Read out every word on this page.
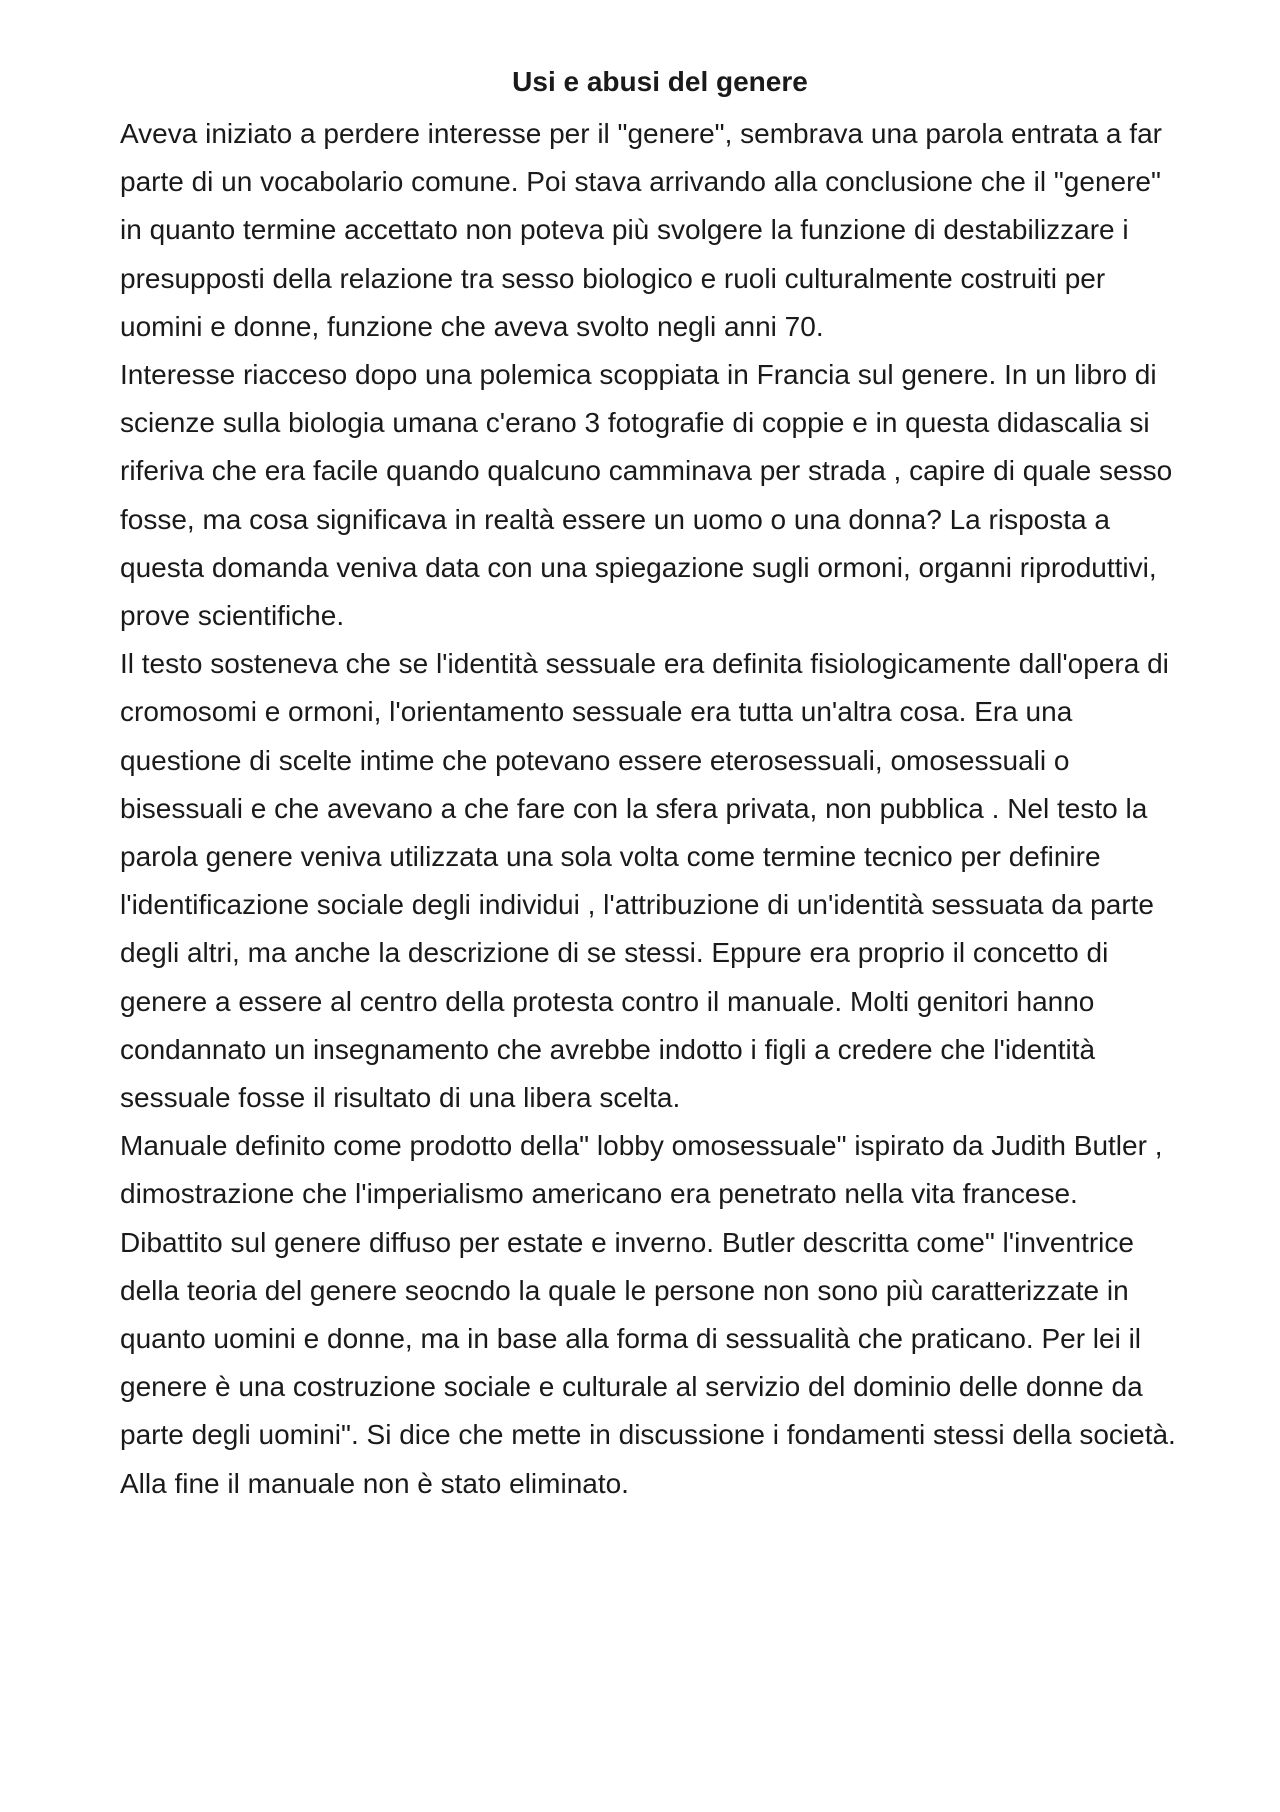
Usi e abusi del genere

Aveva iniziato a perdere interesse per il "genere", sembrava una parola entrata a far parte di un vocabolario comune. Poi stava arrivando alla conclusione che il "genere" in quanto termine accettato non poteva più svolgere la funzione di destabilizzare i presupposti della relazione tra sesso biologico e ruoli culturalmente costruiti per uomini e donne, funzione che aveva svolto negli anni 70.

Interesse riacceso dopo una polemica scoppiata in Francia sul genere. In un libro di scienze sulla biologia umana c'erano 3 fotografie di coppie e in questa didascalia si riferiva che era facile quando qualcuno camminava per strada , capire di quale sesso fosse, ma cosa significava in realtà essere un uomo o una donna? La risposta a questa domanda veniva data con una spiegazione sugli ormoni, organni riproduttivi, prove scientifiche.

Il testo sosteneva che se l'identità sessuale era definita fisiologicamente dall'opera di cromosomi e ormoni, l'orientamento sessuale era tutta un'altra cosa. Era una questione di scelte intime che potevano essere eterosessuali, omosessuali o bisessuali e che avevano a che fare con la sfera privata, non pubblica . Nel testo la parola genere veniva utilizzata una sola volta come termine tecnico per definire l'identificazione sociale degli individui , l'attribuzione di un'identità sessuata da parte degli altri, ma anche la descrizione di se stessi. Eppure era proprio il concetto di genere a essere al centro della protesta contro il manuale. Molti genitori hanno condannato un insegnamento che avrebbe indotto i figli a credere che l'identità sessuale fosse il risultato di una libera scelta.

Manuale definito come prodotto della" lobby omosessuale" ispirato da Judith Butler , dimostrazione che l'imperialismo americano era penetrato nella vita francese.

Dibattito sul genere diffuso per estate e inverno. Butler descritta come" l'inventrice della teoria del genere seocndo la quale le persone non sono più caratterizzate in quanto uomini e donne, ma in base alla forma di sessualità che praticano. Per lei il genere è una costruzione sociale e culturale al servizio del dominio delle donne da parte degli uomini". Si dice che mette in discussione i fondamenti stessi della società. Alla fine il manuale non è stato eliminato.
